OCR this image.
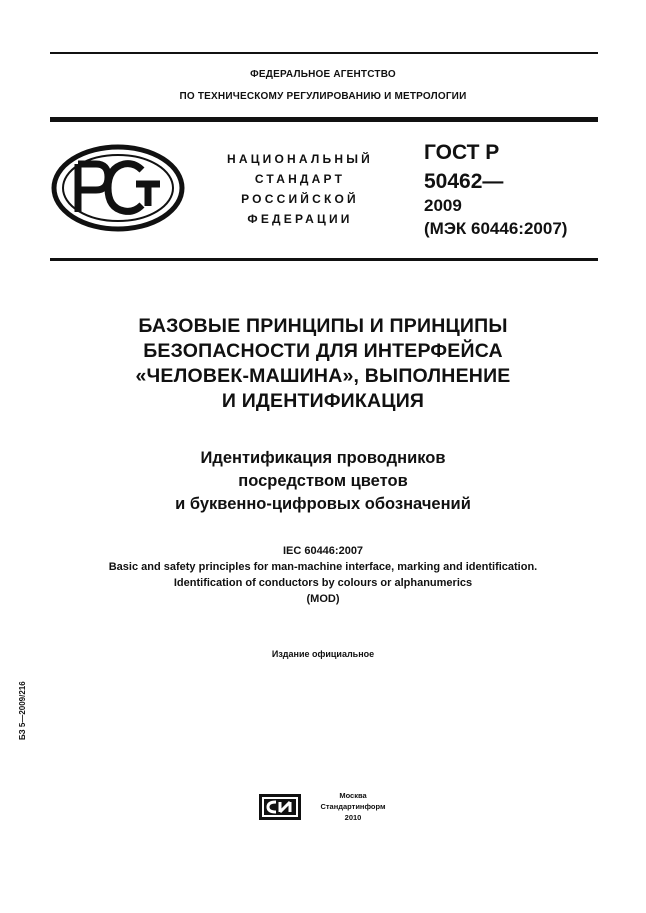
ФЕДЕРАЛЬНОЕ АГЕНТСТВО
ПО ТЕХНИЧЕСКОМУ РЕГУЛИРОВАНИЮ И МЕТРОЛОГИИ
НАЦИОНАЛЬНЫЙ
СТАНДАРТ
РОССИЙСКОЙ
ФЕДЕРАЦИИ
ГОСТ Р
50462—
2009
(МЭК 60446:2007)
БАЗОВЫЕ ПРИНЦИПЫ И ПРИНЦИПЫ
БЕЗОПАСНОСТИ ДЛЯ ИНТЕРФЕЙСА
«ЧЕЛОВЕК-МАШИНА», ВЫПОЛНЕНИЕ
И ИДЕНТИФИКАЦИЯ
Идентификация проводников
посредством цветов
и буквенно-цифровых обозначений
IEC 60446:2007
Basic and safety principles for man-machine interface, marking and identification.
Identification of conductors by colours or alphanumerics
(MOD)
Издание официальное
БЗ 5—2009/216
Москва
Стандартинформ
2010
